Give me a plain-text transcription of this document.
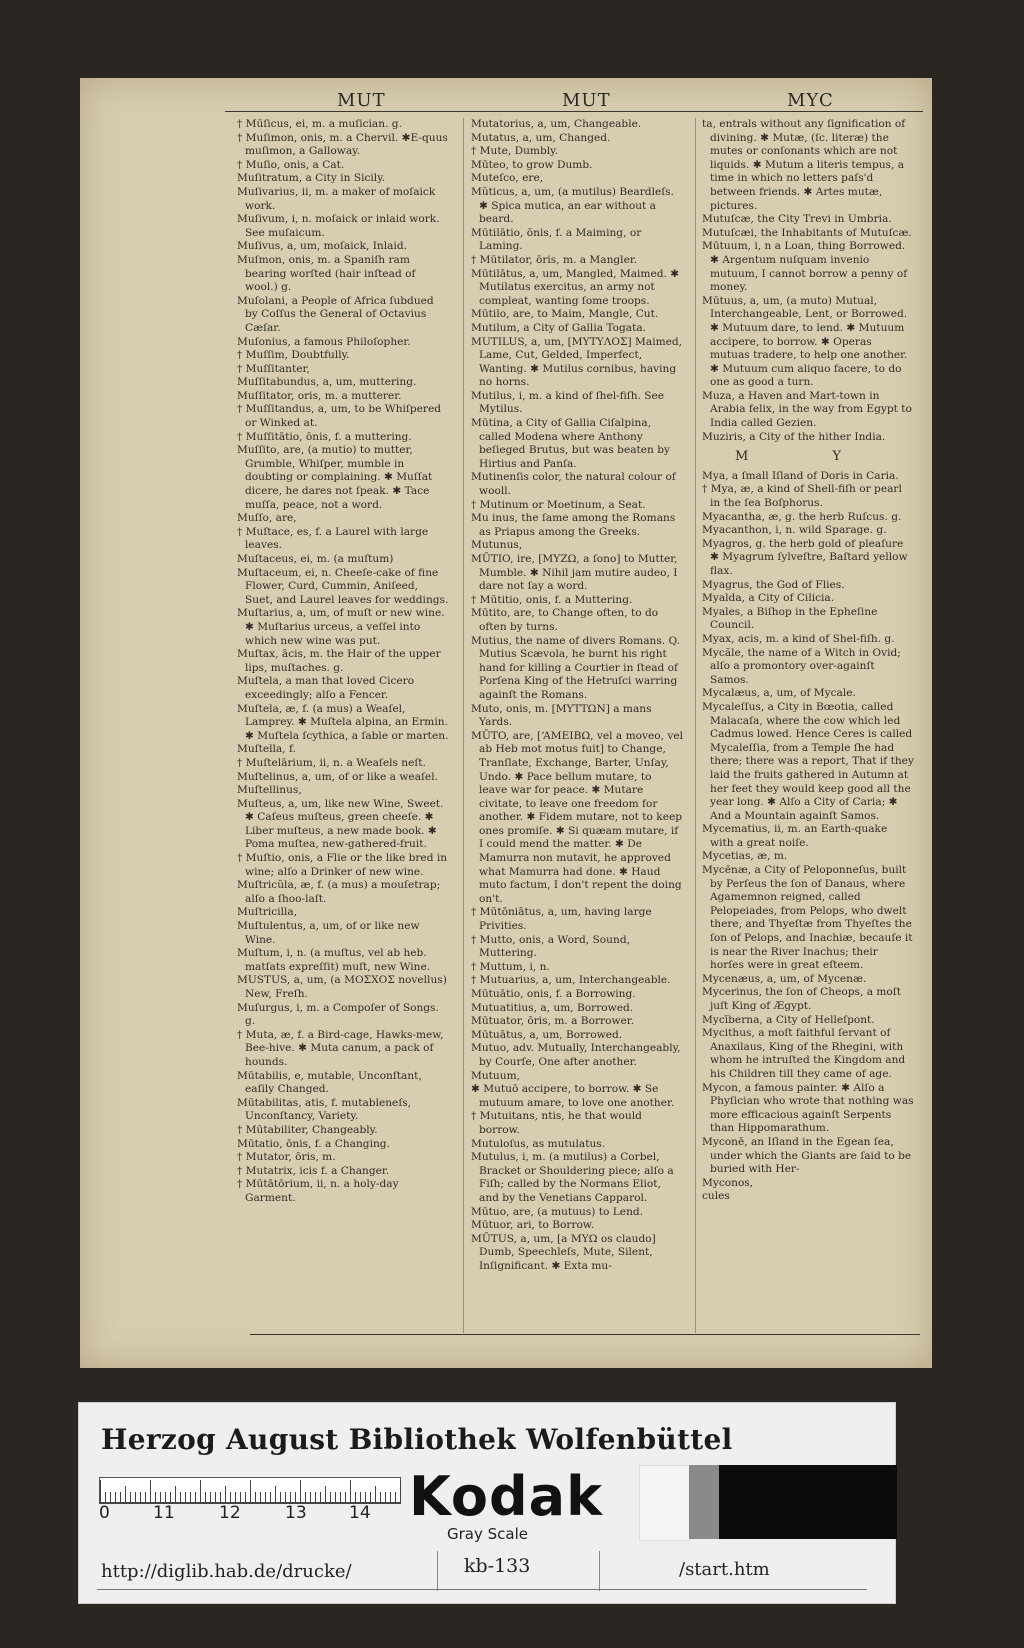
MUT	MUT	MYC
† Mūſicus, ei, m. a muſician. g.
† Muſimon, onis, m. a Chervil. ✱E-quus muſimon, a Galloway.
† Muſio, onis, a Cat.
Muſitratum, a City in Sicily.
Muſivarius, ii, m. a maker of moſaick work.
Muſivum, i, n. moſaick or inlaid work. See muſaicum.
Muſivus, a, um, moſaick, Inlaid.
Muſmon, onis, m. a Spaniſh ram bearing worſted (hair inſtead of wool.) g.
Muſolani, a People of Africa ſubdued by Coſſus the General of Octavius Cæſar.
Muſonius, a famous Philoſopher.
† Muſſim, Doubtfully.
† Muſſitanter,
Muſſitabundus, a, um, muttering.
Muſſitator, oris, m. a mutterer.
† Muſſitandus, a, um, to be Whiſpered or Winked at.
† Muſſitātio, ōnis, f. a muttering.
Muſſito, are, (a mutio) to mutter, Grumble, Whiſper, mumble in doubting or complaining. ✱ Muſſat dicere, he dares not ſpeak. ✱ Tace muſſa, peace, not a word.
Muſſo, are,
† Muſtace, es, f. a Laurel with large leaves.
Muſtaceus, ei, m. (a muſtum)
Muſtaceum, ei, n. Cheeſe-cake of fine Flower, Curd, Cummin, Aniſeed, Suet, and Laurel leaves for weddings.
Muſtarius, a, um, of muſt or new wine. ✱ Muſtarius urceus, a veſſel into which new wine was put.
Muſtax, ācis, m. the Hair of the upper lips, muſtaches. g.
Muſtela, a man that loved Cicero exceedingly; alſo a Fencer.
Muſtela, æ, f. (a mus) a Weaſel, Lamprey. ✱ Muſtela alpina, an Ermin. ✱ Muſtela ſcythica, a ſable or marten.
Muſtella, f.
† Muſtelārium, ii, n. a Weaſels neſt.
Muſtelinus, a, um, of or like a weaſel.
Muſtellinus,
Muſteus, a, um, like new Wine, Sweet. ✱ Caſeus muſteus, green cheeſe. ✱ Liber muſteus, a new made book. ✱ Poma muſtea, new-gathered-fruit.
† Muſtio, onis, a Flie or the like bred in wine; alſo a Drinker of new wine.
Muſtricŭla, æ, f. (a mus) a mouſetrap; alſo a ſhoo-laſt.
Muſtricilla,
Muſtulentus, a, um, of or like new Wine.
Muſtum, i, n. (a muſtus, vel ab heb. matſats expreſſit) muſt, new Wine.
MUSTUS, a, um, (a MOΣΧΟΣ novellus) New, Freſh.
Muſurgus, i, m. a Compoſer of Songs. g.
† Muta, æ, f. a Bird-cage, Hawks-mew, Bee-hive. ✱ Muta canum, a pack of hounds.
Mūtabilis, e, mutable, Unconſtant, eaſily Changed.
Mūtabilitas, atis, f. mutableneſs, Unconſtancy, Variety.
† Mūtabiliter, Changeably.
Mūtatio, ōnis, f. a Changing.
† Mutator, ōris, m.
† Mutatrix, icis f. a Changer.
† Mūtātōrium, ii, n. a holy-day Garment.
Mutatorius, a, um, Changeable.
Mutatus, a, um, Changed.
† Mute, Dumbly.
Mūteo, to grow Dumb.
Muteſco, ere,
Mŭticus, a, um, (a mutilus) Beardleſs. ✱ Spica mutica, an ear without a beard.
Mūtilātio, ōnis, f. a Maiming, or Laming.
† Mūtilator, ōris, m. a Mangler.
Mūtilātus, a, um, Mangled, Maimed. ✱ Mutilatus exercitus, an army not compleat, wanting ſome troops.
Mūtilo, are, to Maim, Mangle, Cut.
Mutilum, a City of Gallia Togata.
MUTILUS, a, um, [MΥΤΥΛΟΣ] Maimed, Lame, Cut, Gelded, Imperfect, Wanting. ✱ Mutilus cornibus, having no horns.
Mutilus, i, m. a kind of ſhel-fiſh. See Mytilus.
Mūtina, a City of Gallia Ciſalpina, called Modena where Anthony beſieged Brutus, but was beaten by Hirtius and Panſa.
Mutinenſis color, the natural colour of wooll.
† Mutinum or Moetinum, a Seat.
Mu inus, the ſame among the Romans as Priapus among the Greeks.
Mutunus,
MŪTIO, ire, [MΥΖΩ, a ſono] to Mutter, Mumble. ✱ Nihil jam mutire audeo, I dare not ſay a word.
† Mūtitio, onis, f. a Muttering.
Mūtito, are, to Change often, to do often by turns.
Mutius, the name of divers Romans. Q. Mutius Scævola, he burnt his right hand for killing a Courtier in ſtead of Porſena King of the Hetruſci warring againſt the Romans.
Muto, onis, m. [MΥΤΤΩΝ] a mans Yards.
MŪTO, are, [‘AMEIBΩ, vel a moveo, vel ab Heb mot motus fuit] to Change, Tranſlate, Exchange, Barter, Unſay, Undo. ✱ Pace bellum mutare, to leave war for peace. ✱ Mutare civitate, to leave one freedom for another. ✱ Fidem mutare, not to keep ones promiſe. ✱ Si quæam mutare, if I could mend the matter. ✱ De Mamurra non mutavit, he approved what Mamurra had done. ✱ Haud muto factum, I don't repent the doing on't.
† Mūtōniātus, a, um, having large Privities.
† Mutto, onis, a Word, Sound, Muttering.
† Muttum, i, n.
† Mutuarius, a, um, Interchangeable.
Mūtuātio, onis, f. a Borrowing.
Mutuatitius, a, um, Borrowed.
Mūtuator, ōris, m. a Borrower.
Mūtuātus, a, um, Borrowed.
Mutuo, adv. Mutually, Interchangeably, by Courſe, One after another.
Mutuum,
✱ Mutuō accipere, to borrow. ✱ Se mutuum amare, to love one another.
† Mutuitans, ntis, he that would borrow.
Mutuloſus, as mutulatus.
Mutulus, i, m. (a mutilus) a Corbel, Bracket or Shouldering piece; alſo a Fiſh; called by the Normans Eliot, and by the Venetians Capparol.
Mūtuo, are, (a mutuus) to Lend.
Mūtuor, ari, to Borrow.
MŪTUS, a, um, [a MΥΩ os claudo] Dumb, Speechleſs, Mute, Silent, Inſignificant. ✱ Exta mu-
ta, entrals without any ſignification of divining. ✱ Mutæ, (ſc. literæ) the mutes or conſonants which are not liquids. ✱ Mutum a literis tempus, a time in which no letters paſs'd between friends. ✱ Artes mutæ, pictures.
Mutuſcæ, the City Trevi in Umbria.
Mutuſcæi, the Inhabitants of Mutuſcæ.
Mūtuum, i, n a Loan, thing Borrowed. ✱ Argentum nuſquam invenio mutuum, I cannot borrow a penny of money.
Mūtuus, a, um, (a muto) Mutual, Interchangeable, Lent, or Borrowed. ✱ Mutuum dare, to lend. ✱ Mutuum accipere, to borrow. ✱ Operas mutuas tradere, to help one another. ✱ Mutuum cum aliquo facere, to do one as good a turn.
Muza, a Haven and Mart-town in Arabia felix, in the way from Egypt to India called Gezien.
Muziris, a City of the hither India.
M Y
Mya, a ſmall Iſland of Doris in Caria.
† Mya, æ, a kind of Shell-fiſh or pearl in the ſea Boſphorus.
Myacantha, æ, g. the herb Ruſcus. g.
Myacanthon, i, n. wild Sparage. g.
Myagros, g. the herb gold of pleaſure ✱ Myagrum ſylveſtre, Baſtard yellow flax.
Myagrus, the God of Flies.
Myalda, a City of Cilicia.
Myales, a Biſhop in the Epheſine Council.
Myax, acis, m. a kind of Shel-fiſh. g.
Mycăle, the name of a Witch in Ovid; alſo a promontory over-againſt Samos.
Mycalæus, a, um, of Mycale.
Mycaleſſus, a City in Bœotia, called Malacaſa, where the cow which led Cadmus lowed. Hence Ceres is called Mycaleſſia, from a Temple ſhe had there; there was a report, That if they laid the fruits gathered in Autumn at her feet they would keep good all the year long. ✱ Alſo a City of Caria; ✱ And a Mountain againſt Samos.
Mycematius, ii, m. an Earth-quake with a great noiſe.
Mycetias, æ, m.
Mycēnæ, a City of Peloponneſus, built by Perſeus the ſon of Danaus, where Agamemnon reigned, called Pelopeiades, from Pelops, who dwelt there, and Thyeſtæ from Thyeſtes the ſon of Pelops, and Inachiæ, becauſe it is near the River Inachus; their horſes were in great eſteem.
Mycenæus, a, um, of Mycenæ.
Mycerinus, the ſon of Cheops, a moſt juſt King of Ægypt.
Mycīberna, a City of Helleſpont.
Mycithus, a moſt faithful ſervant of Anaxilaus, King of the Rhegini, with whom he intruſted the Kingdom and his Children till they came of age.
Mycon, a famous painter. ✱ Alſo a Phyſician who wrote that nothing was more efficacious againſt Serpents than Hippomarathum.
Myconē, an Iſland in the Egean ſea, under which the Giants are ſaid to be buried with Her-
Myconos,
cules
Herzog August Bibliothek Wolfenbüttel
0	11	12	13 14 Kodak
Gray Scale
http://diglib.hab.de/drucke/	kb-133	/start.htm
